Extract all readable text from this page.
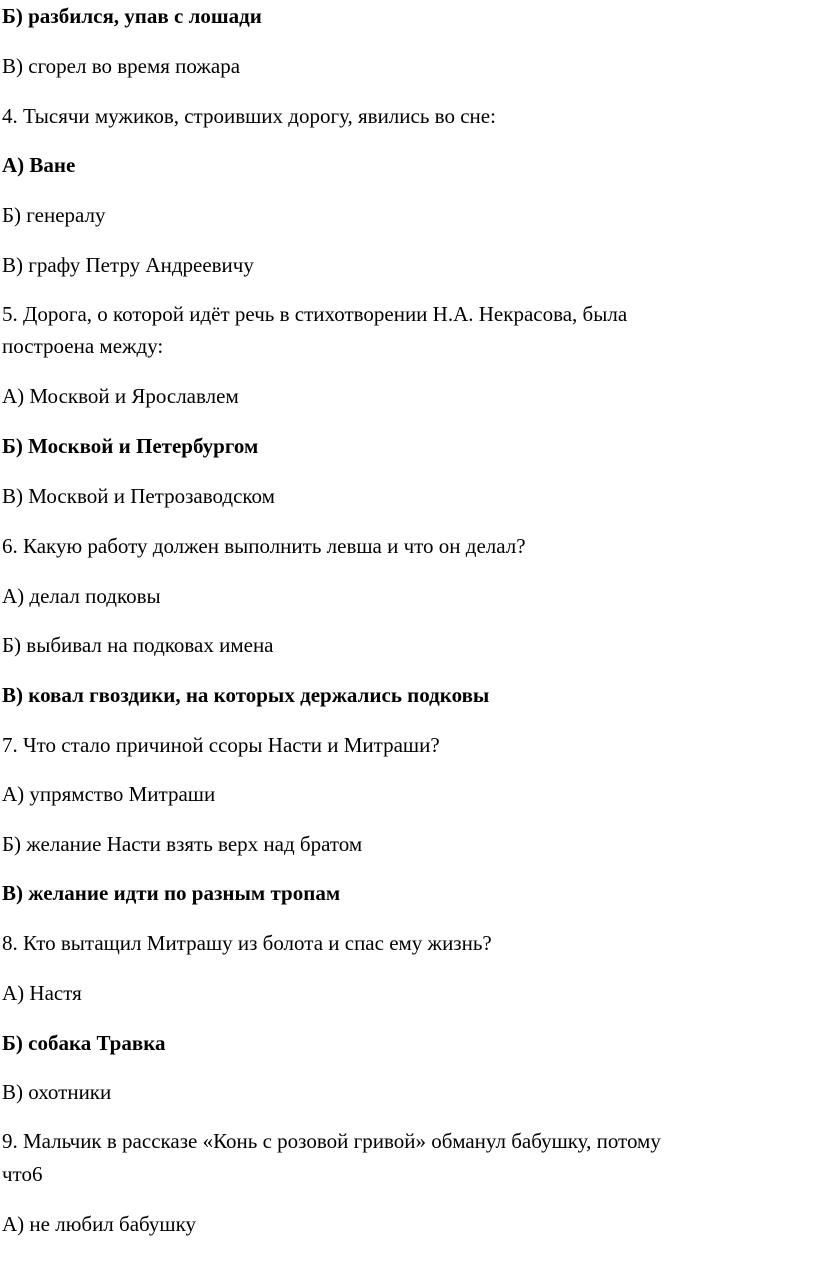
Б) разбился, упав с лошади
В) сгорел во время пожара
4. Тысячи мужиков, строивших дорогу, явились во сне:
А) Ване
Б) генералу
В) графу Петру Андреевичу
5. Дорога, о которой идёт речь в стихотворении Н.А. Некрасова, была
построена между:
А) Москвой и Ярославлем
Б) Москвой и Петербургом
В) Москвой и Петрозаводском
6. Какую работу должен выполнить левша и что он делал?
А) делал подковы
Б) выбивал на подковах имена
В) ковал гвоздики, на которых держались подковы
7. Что стало причиной ссоры Насти и Митраши?
А) упрямство Митраши
Б) желание Насти взять верх над братом
В) желание идти по разным тропам
8. Кто вытащил Митрашу из болота и спас ему жизнь?
А) Настя
Б) собака Травка
В) охотники
9. Мальчик в рассказе «Конь с розовой гривой» обманул бабушку, потому
что6
А) не любил бабушку
